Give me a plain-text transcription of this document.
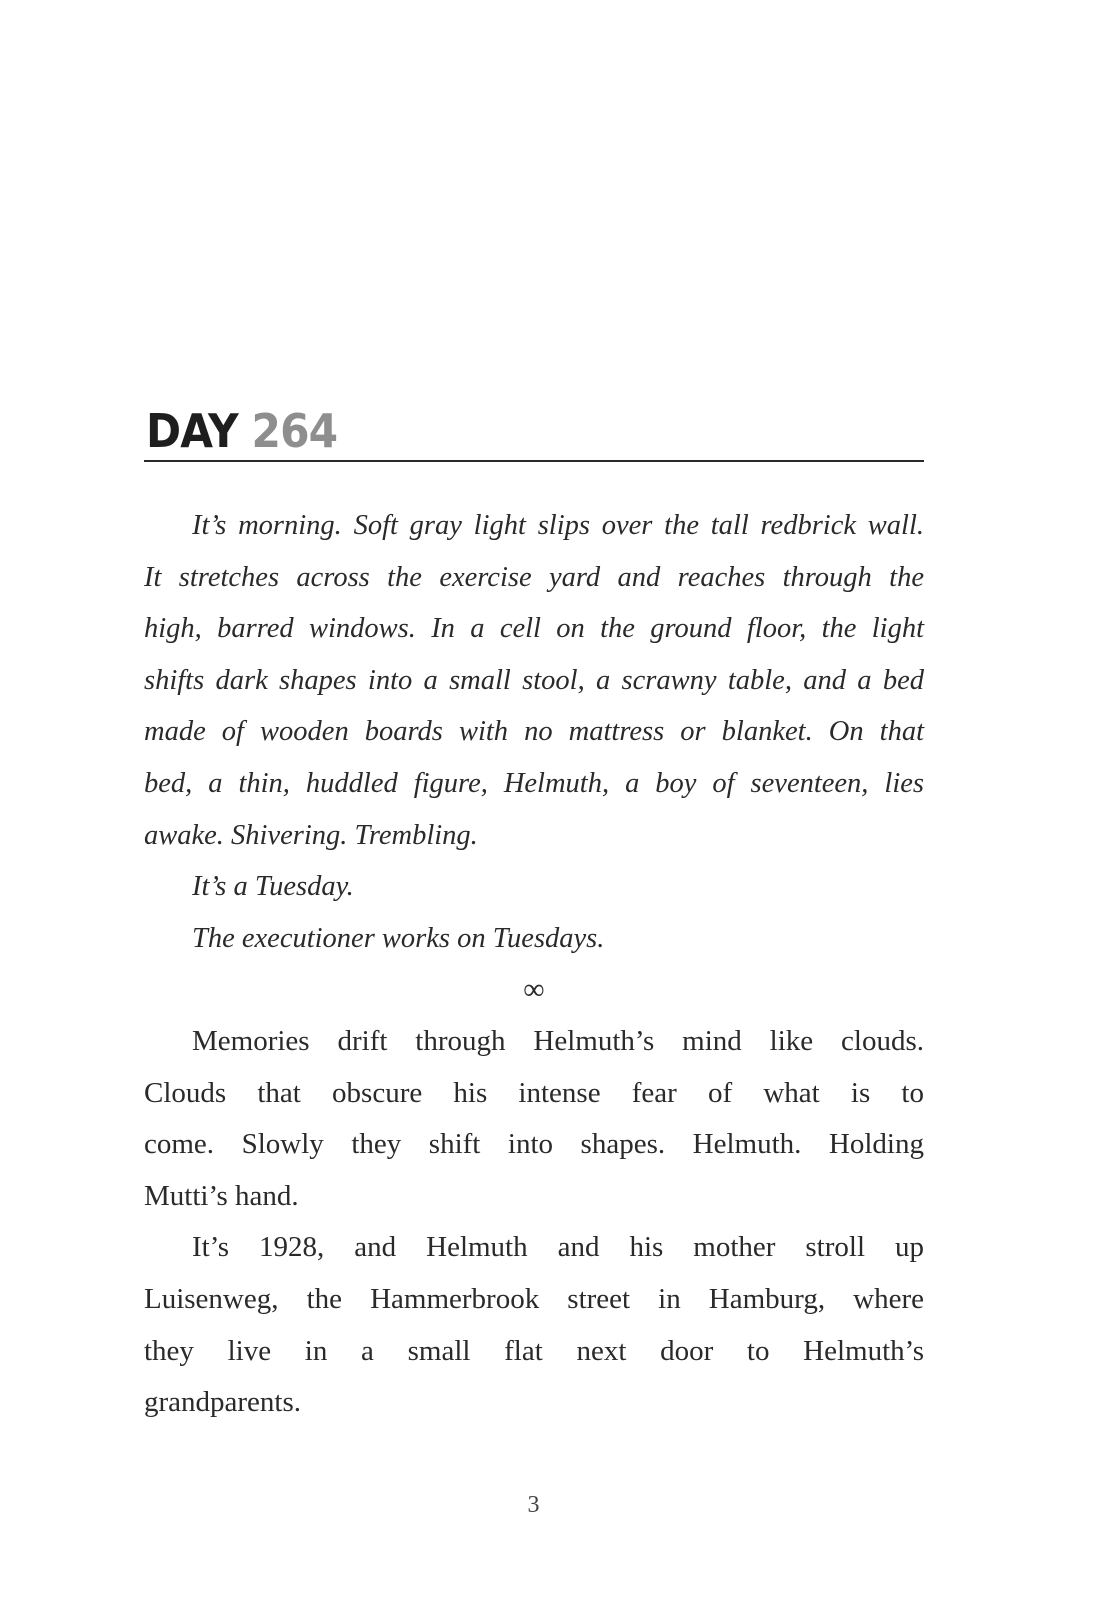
DAY 264
It’s morning. Soft gray light slips over the tall redbrick wall.
It stretches across the exercise yard and reaches through the
high, barred windows. In a cell on the ground floor, the light
shifts dark shapes into a small stool, a scrawny table, and a bed
made of wooden boards with no mattress or blanket. On that
bed, a thin, huddled figure, Helmuth, a boy of seventeen, lies
awake. Shivering. Trembling.
It’s a Tuesday.
The executioner works on Tuesdays.
∞
Memories drift through Helmuth’s mind like clouds.
Clouds that obscure his intense fear of what is to
come. Slowly they shift into shapes. Helmuth. Holding
Mutti’s hand.
It’s 1928, and Helmuth and his mother stroll up
Luisenweg, the Hammerbrook street in Hamburg, where
they live in a small flat next door to Helmuth’s
grandparents.
3
